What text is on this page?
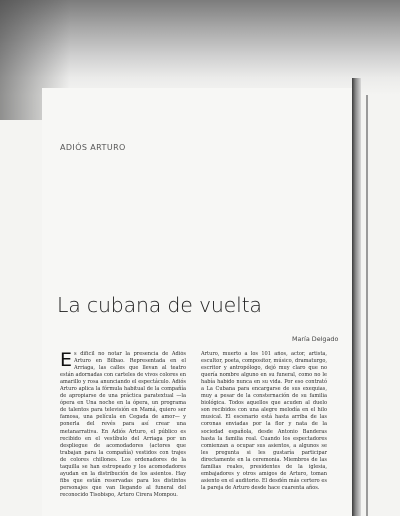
ADIÓS ARTURO
La cubana de vuelta
María Delgado
Es difícil no notar la presencia de Adiós Arturo en Bilbao. Representada en el Arriaga, las calles que llevan al teatro están adornadas con carteles de vivos colores en amarillo y rosa anunciando el espectáculo. Adiós Arturo aplica la fórmula habitual de la compañía de apropiarse de una práctica paratextual —la ópera en Una noche en la ópera, un programa de talentos para televisión en Mamá, quiero ser famosa, una película en Cegada de amor— y ponerla del revés para así crear una metanarrativa. En Adiós Arturo, el público es recibido en el vestíbulo del Arriaga por un despliegue de acomodadores (actores que trabajan para la compañía) vestidos con trajes de colores chillones. Los ordenadores de la taquilla se han estropeado y los acomodadores ayudan en la distribución de los asientos. Hay fibs que están reservadas para los distintos personajes que van llegando al funeral del reconocido Tisobispo, Arturo Cirera Mompou.
Arturo, muerto a los 101 años, actor, artista, escultor, poeta, compositor, músico, dramaturgo, escritor y antropólogo, dejó muy claro que no quería nombre alguno en su funeral, como no le había habido nunca en su vida. Por eso contrató a La Cubana para encargarse de sus exequias, muy a pesar de la consternación de su familia biológica. Todos aquellos que acuden al duelo son recibidos con una alegre melodía en el hilo musical. El escenario está hasta arriba de las coronas enviadas por la flor y nata de la sociedad española, desde Antonio Banderas hasta la familia real. Cuando los espectadores comienzan a ocupar sus asientos, a algunos se les pregunta si les gustaría participar directamente en la ceremonia. Miembros de las familias reales, presidentes de la iglesia, embajadores y otros amigos de Arturo, toman asiento en el auditorio. El desdén más certero es la pareja de Arturo desde hace cuarenta años.
